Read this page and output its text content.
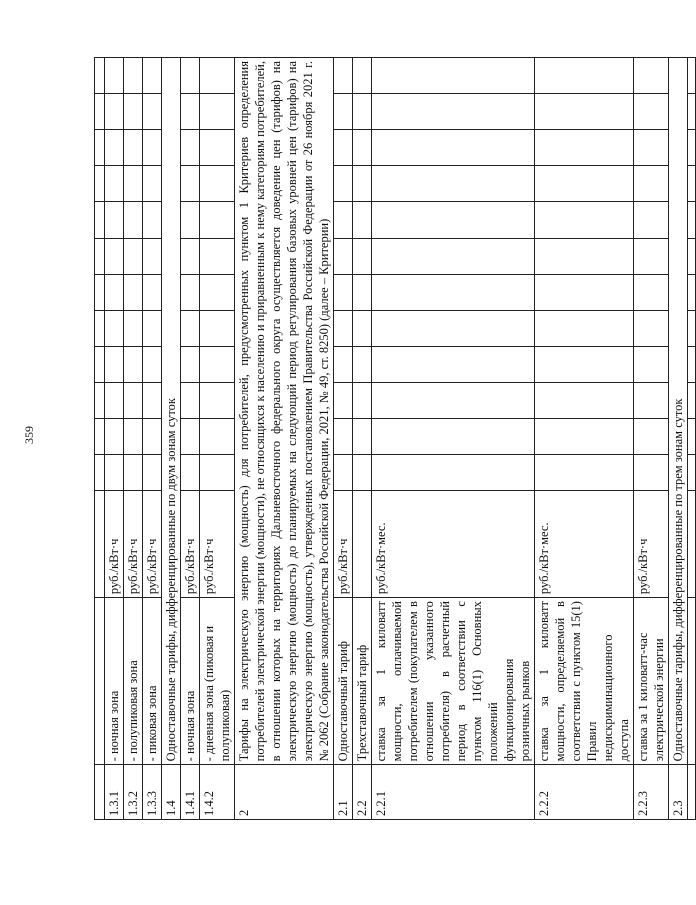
359

1.3.1	- ночная зона	руб./кВт·ч												
1.3.2	- полупиковая зона	руб./кВт·ч												
1.3.3	- пиковая зона	руб./кВт·ч												
1.4	Одноставочные тарифы, дифференцированные по двум зонам суток													
1.4.1	- ночная зона	руб./кВт·ч												
1.4.2	- дневная зона (пиковая и полупиковая)	руб./кВт·ч												
2	Тарифы на электрическую энергию (мощность) для потребителей, предусмотренных пунктом 1 Критериев определения потребителей электрической энергии (мощности), не относящихся к населению и приравненным к нему категориям потребителей, в отношении которых на территориях Дальневосточного федерального округа осуществляется доведение цен (тарифов) на электрическую энергию (мощность) до планируемых на следующий период регулирования базовых уровней цен (тарифов) на электрическую энергию (мощность), утвержденных постановлением Правительства Российской Федерации от 26 ноября 2021 г. № 2062 (Собрание законодательства Российской Федерации, 2021, № 49, ст. 8250) (далее – Критерии)													
2.1	Одноставочный тариф	руб./кВт·ч												
2.2	Трехставочный тариф													
2.2.1	ставка за 1 киловатт мощности, оплачиваемой потребителем (покупателем в отношении указанного потребителя) в расчетный период в соответствии с пунктом 116(1) Основных положений функционирования розничных рынков	руб./кВт·мес.												
2.2.2	ставка за 1 киловатт мощности, определяемой в соответствии с пунктом 15(1) Правил недискриминационного доступа	руб./кВт·мес.												
2.2.3	ставка за 1 киловатт-час электрической энергии	руб./кВт·ч												
2.3	Одноставочные тарифы, дифференцированные по трем зонам суток													
